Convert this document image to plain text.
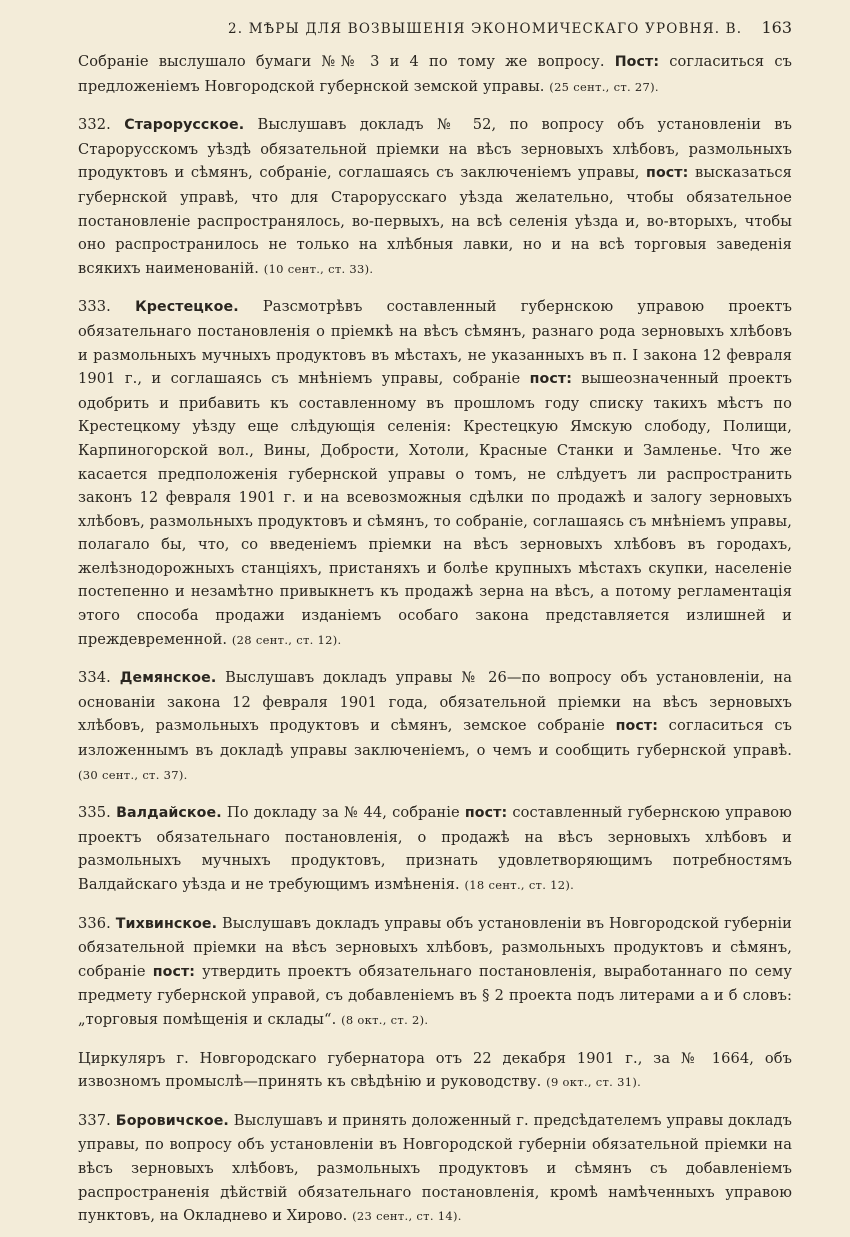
2. МѢРЫ ДЛЯ ВОЗВЫШЕНІЯ ЭКОНОМИЧЕСКАГО УРОВНЯ. В. 163

Собраніе выслушало бумаги №№ 3 и 4 по тому же вопросу. Пост: согласиться съ предложеніемъ Новгородской губернской земской управы. (25 сент., ст. 27).

332. Старорусское. Выслушавъ докладъ № 52, по вопросу объ установленіи въ Старорусскомъ уѣздѣ обязательной пріемки на вѣсъ зерновыхъ хлѣбовъ, размольныхъ продуктовъ и сѣмянъ, собраніе, соглашаясь съ заключеніемъ управы, пост: высказаться губернской управѣ, что для Старорусскаго уѣзда желательно, чтобы обязательное постановленіе распространялось, во-первыхъ, на всѣ селенія уѣзда и, во-вторыхъ, чтобы оно распространилось не только на хлѣбныя лавки, но и на всѣ торговыя заведенія всякихъ наименованій. (10 сент., ст. 33).

333. Крестецкое. Разсмотрѣвъ составленный губернскою управою проектъ обязательнаго постановленія о пріемкѣ на вѣсъ сѣмянъ, разнаго рода зерновыхъ хлѣбовъ и размольныхъ мучныхъ продуктовъ въ мѣстахъ, не указанныхъ въ п. I закона 12 февраля 1901 г., и соглашаясь съ мнѣніемъ управы, собраніе пост: вышеозначенный проектъ одобрить и прибавить къ составленному въ прошломъ году списку такихъ мѣстъ по Крестецкому уѣзду еще слѣдующія селенія: Крестецкую Ямскую слободу, Полищи, Карпиногорской вол., Вины, Добрости, Хотоли, Красные Станки и Замленье. Что же касается предположенія губернской управы о томъ, не слѣдуетъ ли распространить законъ 12 февраля 1901 г. и на всевозможныя сдѣлки по продажѣ и залогу зерновыхъ хлѣбовъ, размольныхъ продуктовъ и сѣмянъ, то собраніе, соглашаясь съ мнѣніемъ управы, полагало бы, что, со введеніемъ пріемки на вѣсъ зерновыхъ хлѣбовъ въ городахъ, желѣзнодорожныхъ станціяхъ, пристаняхъ и болѣе крупныхъ мѣстахъ скупки, населеніе постепенно и незамѣтно привыкнетъ къ продажѣ зерна на вѣсъ, а потому регламентація этого способа продажи изданіемъ особаго закона представляется излишней и преждевременной. (28 сент., ст. 12).

334. Демянское. Выслушавъ докладъ управы № 26—по вопросу объ установленіи, на основаніи закона 12 февраля 1901 года, обязательной пріемки на вѣсъ зерновыхъ хлѣбовъ, размольныхъ продуктовъ и сѣмянъ, земское собраніе пост: согласиться съ изложеннымъ въ докладѣ управы заключеніемъ, о чемъ и сообщить губернской управѣ. (30 сент., ст. 37).

335. Валдайское. По докладу за № 44, собраніе пост: составленный губернскою управою проектъ обязательнаго постановленія, о продажѣ на вѣсъ зерновыхъ хлѣбовъ и размольныхъ мучныхъ продуктовъ, признать удовлетворяющимъ потребностямъ Валдайскаго уѣзда и не требующимъ измѣненія. (18 сент., ст. 12).

336. Тихвинское. Выслушавъ докладъ управы объ установленіи въ Новгородской губерніи обязательной пріемки на вѣсъ зерновыхъ хлѣбовъ, размольныхъ продуктовъ и сѣмянъ, собраніе пост: утвердить проектъ обязательнаго постановленія, выработаннаго по сему предмету губернской управой, съ добавленіемъ въ § 2 проекта подъ литерами а и б словъ: „торговыя помѣщенія и склады“. (8 окт., ст. 2).

Циркуляръ г. Новгородскаго губернатора отъ 22 декабря 1901 г., за № 1664, объ извозномъ промыслѣ—принять къ свѣдѣнію и руководству. (9 окт., ст. 31).

337. Боровичское. Выслушавъ и принять доложенный г. предсѣдателемъ управы докладъ управы, по вопросу объ установленіи въ Новгородской губерніи обязательной пріемки на вѣсъ зерновыхъ хлѣбовъ, размольныхъ продуктовъ и сѣмянъ съ добавленіемъ распространенія дѣйствій обязательнаго постановленія, кромѣ намѣченныхъ управою пунктовъ, на Окладнево и Хирово. (23 сент., ст. 14).
